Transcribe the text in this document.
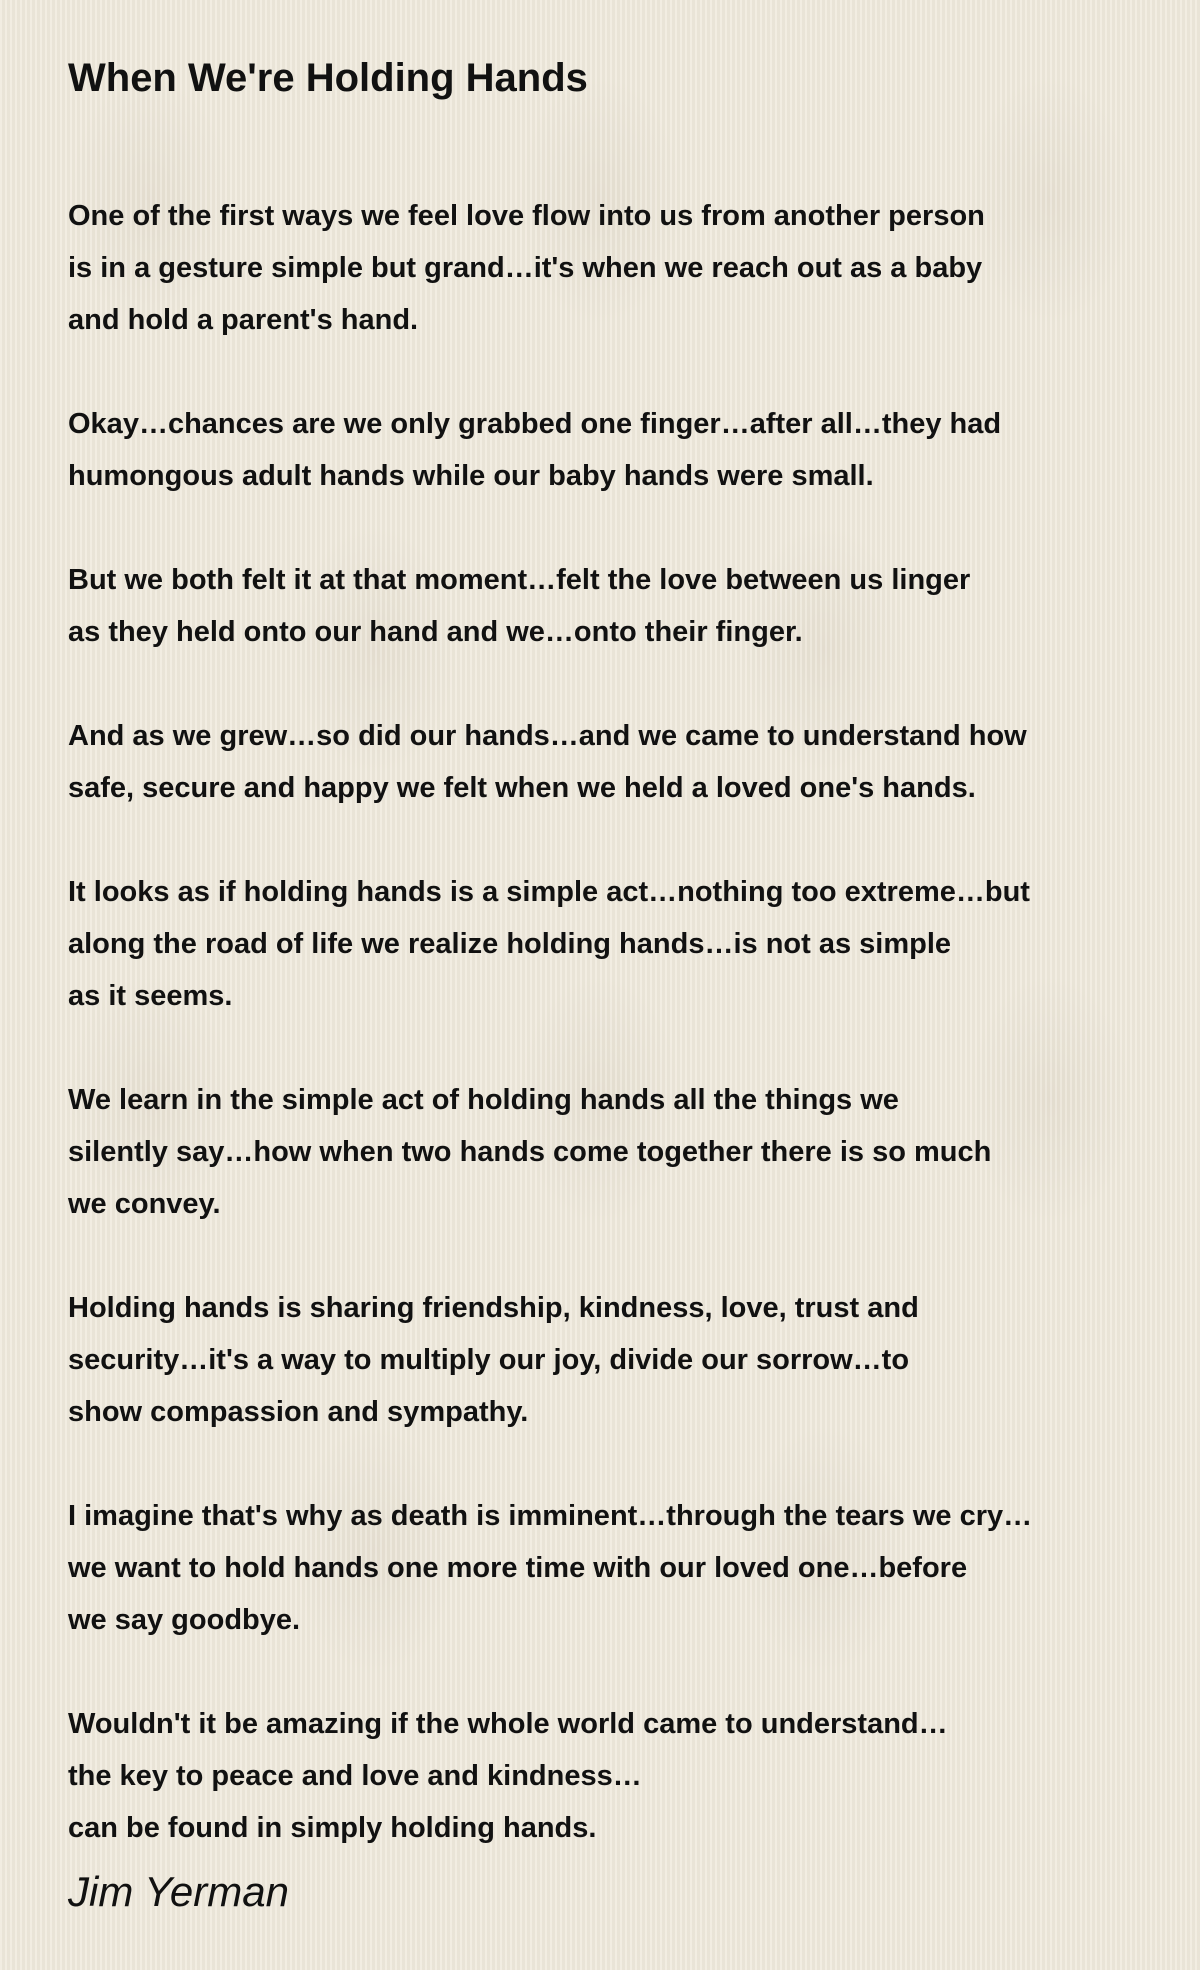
When We're Holding Hands

One of the first ways we feel love flow into us from another person
is in a gesture simple but grand…it's when we reach out as a baby
and hold a parent's hand.

Okay…chances are we only grabbed one finger…after all…they had
humongous adult hands while our baby hands were small.

But we both felt it at that moment…felt the love between us linger
as they held onto our hand and we…onto their finger.

And as we grew…so did our hands…and we came to understand how
safe, secure and happy we felt when we held a loved one's hands.

It looks as if holding hands is a simple act…nothing too extreme…but
along the road of life we realize holding hands…is not as simple
as it seems.

We learn in the simple act of holding hands all the things we
silently say…how when two hands come together there is so much
we convey.

Holding hands is sharing friendship, kindness, love, trust and
security…it's a way to multiply our joy, divide our sorrow…to
show compassion and sympathy.

I imagine that's why as death is imminent…through the tears we cry…
we want to hold hands one more time with our loved one…before
we say goodbye.

Wouldn't it be amazing if the whole world came to understand…
the key to peace and love and kindness…
can be found in simply holding hands.

Jim Yerman
